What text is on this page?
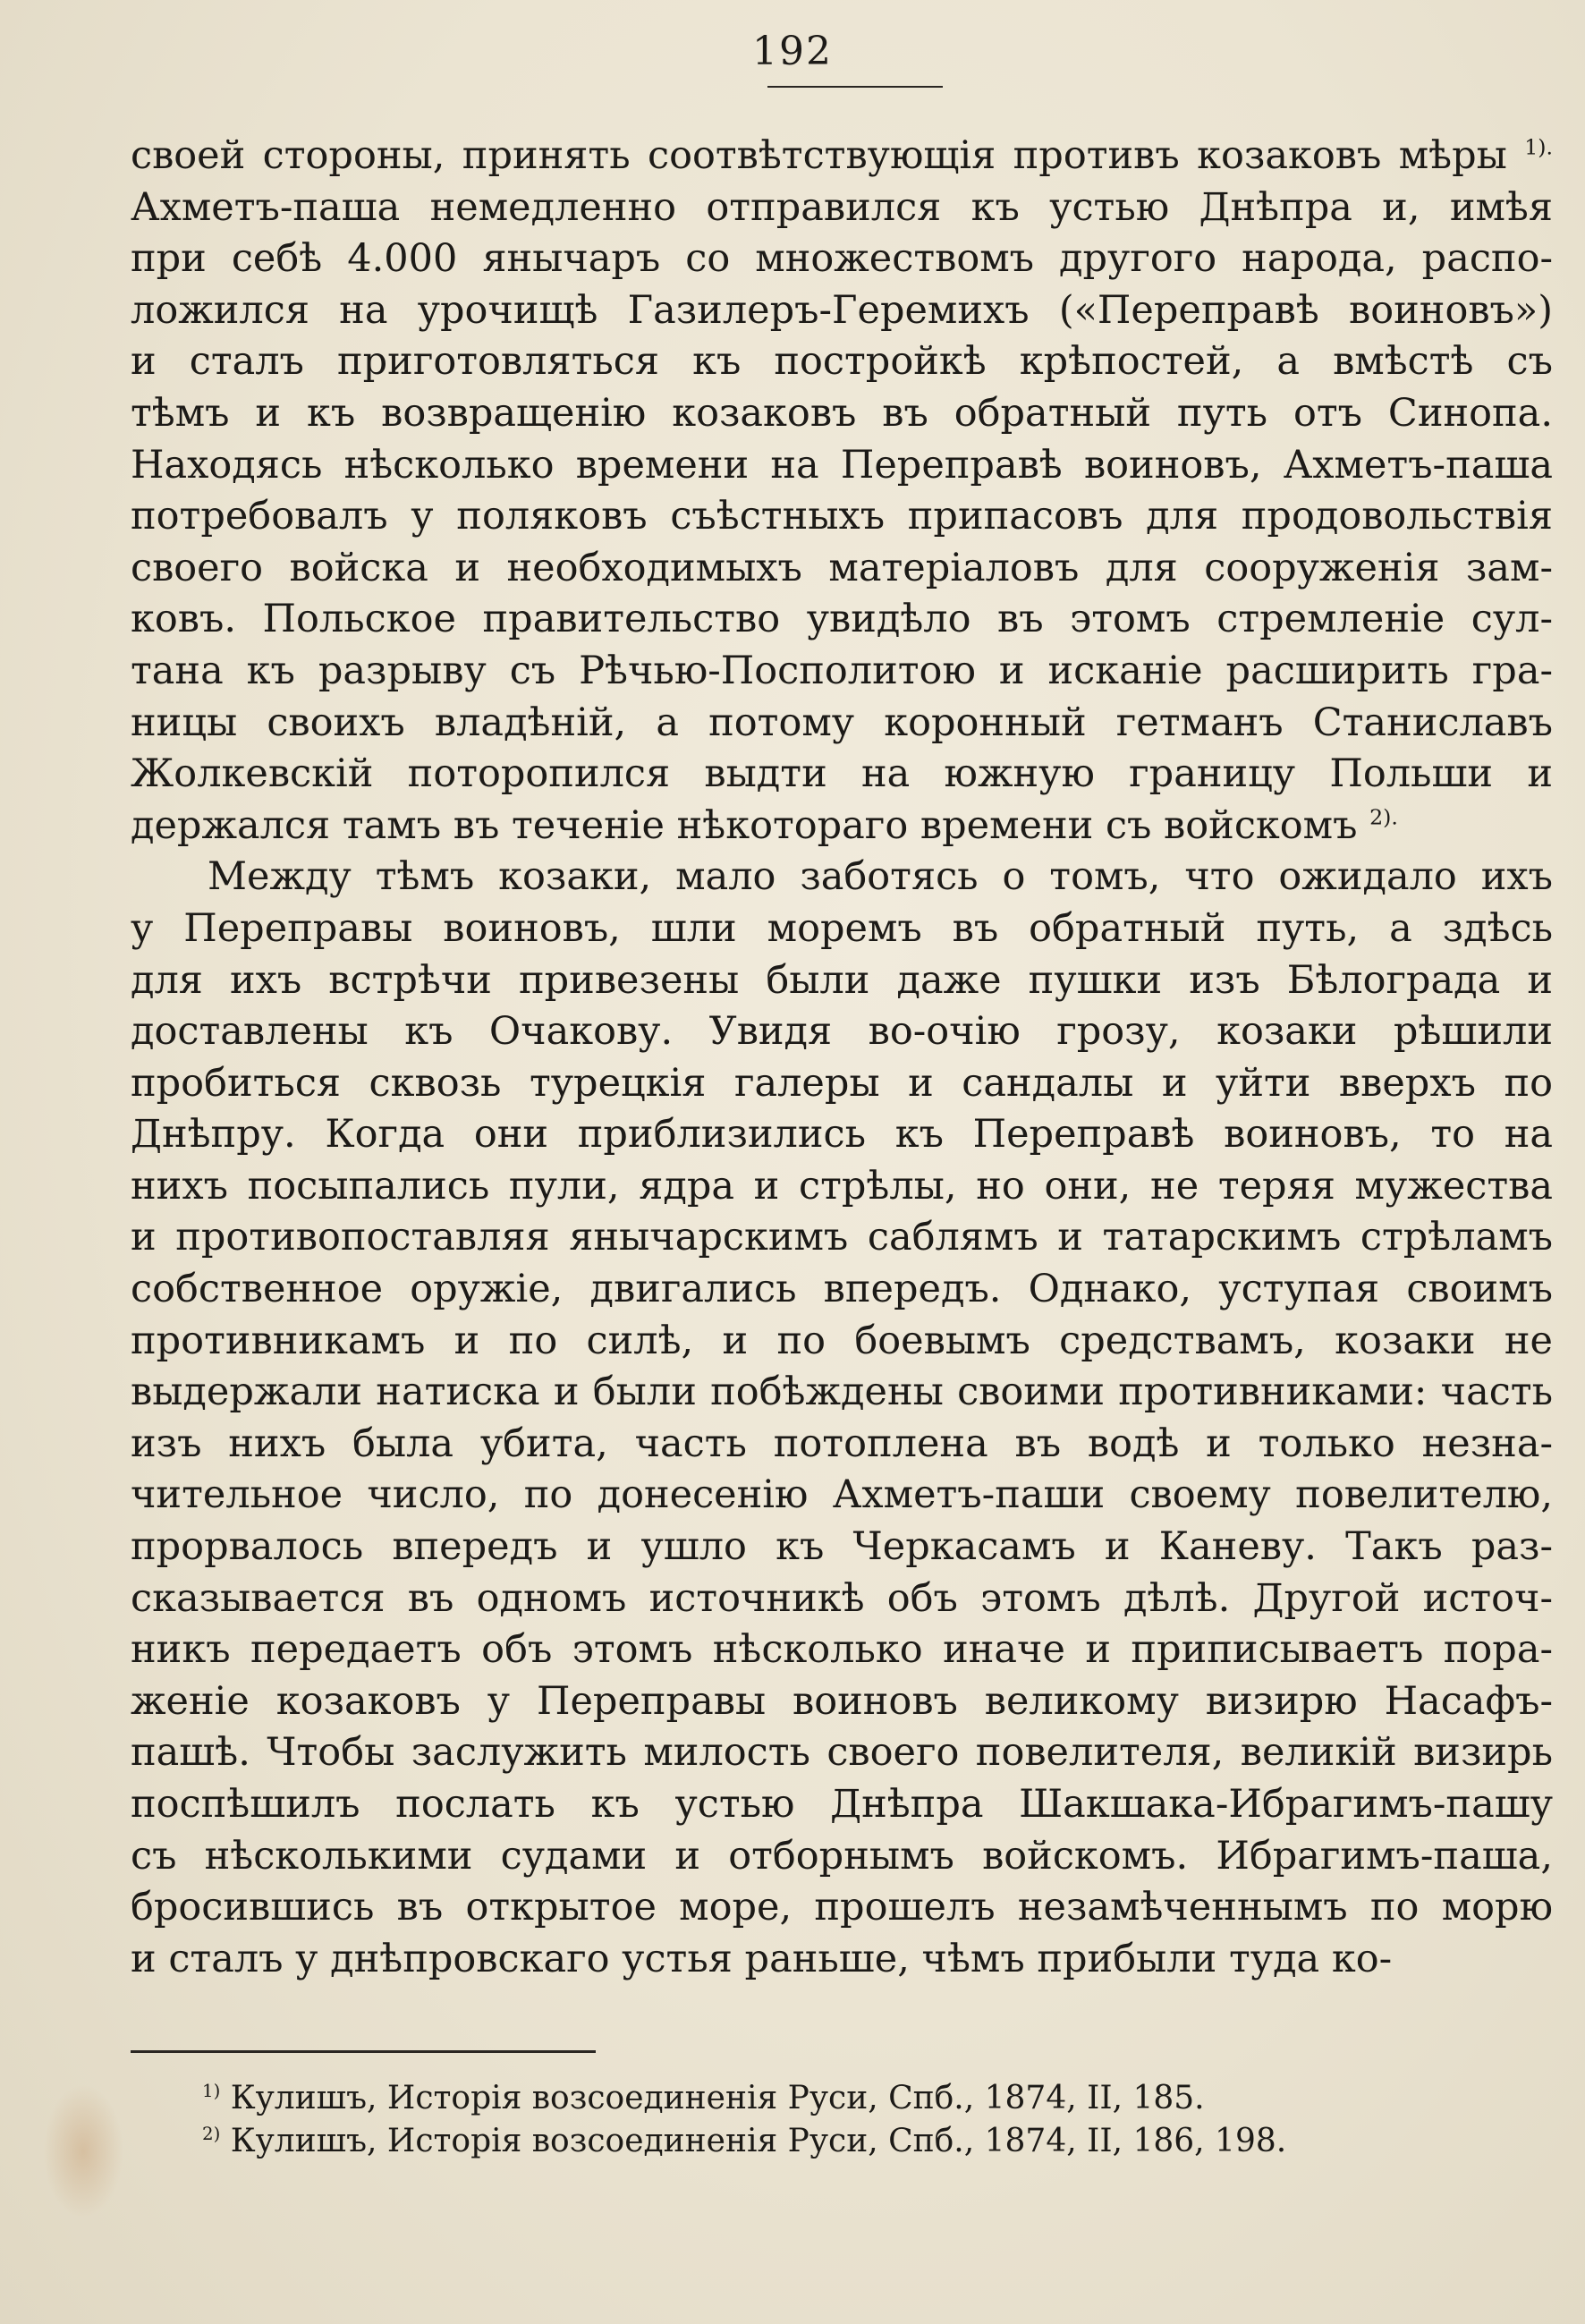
192
своей стороны, принять соотвѣтствующія противъ козаковъ мѣры $^{1).}$
Ахметъ-паша немедленно отправился къ устью Днѣпра и, имѣя
при себѣ 4.000 янычаръ со множествомъ другого народа, распо-
ложился на урочищѣ Газилеръ-Геремихъ («Переправѣ воиновъ»)
и сталъ приготовляться къ постройкѣ крѣпостей, а вмѣстѣ съ
тѣмъ и къ возвращенію козаковъ въ обратный путь отъ Синопа.
Находясь нѣсколько времени на Переправѣ воиновъ, Ахметъ-паша
потребовалъ у поляковъ съѣстныхъ припасовъ для продовольствія
своего войска и необходимыхъ матеріаловъ для сооруженія зам-
ковъ. Польское правительство увидѣло въ этомъ стремленіе сул-
тана къ разрыву съ Рѣчью-Посполитою и исканіе расширить гра-
ницы своихъ владѣній, а потому коронный гетманъ Станиславъ
Жолкевскій поторопился выдти на южную границу Польши и
держался тамъ въ теченіе нѣкотораго времени съ войскомъ $^{2).}$
Между тѣмъ козаки, мало заботясь о томъ, что ожидало ихъ
у Переправы воиновъ, шли моремъ въ обратный путь, а здѣсь
для ихъ встрѣчи привезены были даже пушки изъ Бѣлограда и
доставлены къ Очакову. Увидя во-очію грозу, козаки рѣшили
пробиться сквозь турецкія галеры и сандалы и уйти вверхъ по
Днѣпру. Когда они приблизились къ Переправѣ воиновъ, то на
нихъ посыпались пули, ядра и стрѣлы, но они, не теряя мужества
и противопоставляя янычарскимъ саблямъ и татарскимъ стрѣламъ
собственное оружіе, двигались впередъ. Однако, уступая своимъ
противникамъ и по силѣ, и по боевымъ средствамъ, козаки не
выдержали натиска и были побѣждены своими противниками: часть
изъ нихъ была убита, часть потоплена въ водѣ и только незна-
чительное число, по донесенію Ахметъ-паши своему повелителю,
прорвалось впередъ и ушло къ Черкасамъ и Каневу. Такъ раз-
сказывается въ одномъ источникѣ объ этомъ дѣлѣ. Другой источ-
никъ передаетъ объ этомъ нѣсколько иначе и приписываетъ пора-
женіе козаковъ у Переправы воиновъ великому визирю Насафъ-
пашѣ. Чтобы заслужить милость своего повелителя, великій визирь
поспѣшилъ послать къ устью Днѣпра Шакшака-Ибрагимъ-пашу
съ нѣсколькими судами и отборнымъ войскомъ. Ибрагимъ-паша,
бросившись въ открытое море, прошелъ незамѣченнымъ по морю
и сталъ у днѣпровскаго устья раньше, чѣмъ прибыли туда ко-
$^{1)}$ Кулишъ, Исторія возсоединенія Руси, Спб., 1874, II, 185.
$^{2)}$ Кулишъ, Исторія возсоединенія Руси, Спб., 1874, II, 186, 198.
